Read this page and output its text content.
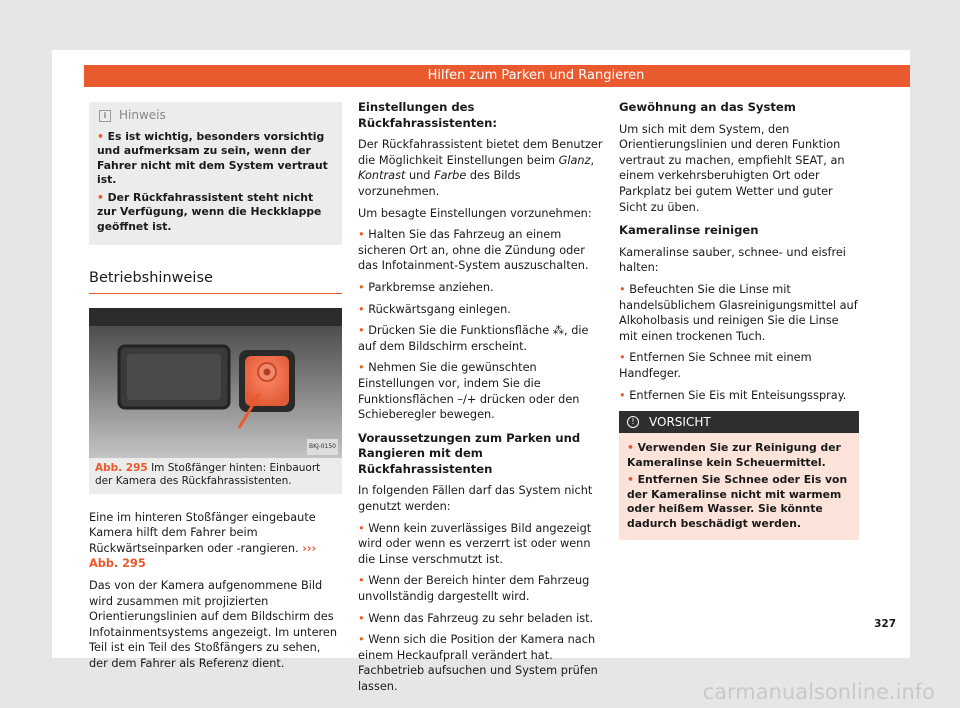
Hilfen zum Parken und Rangieren
i	Hinweis
• Es ist wichtig, besonders vorsichtig und aufmerksam zu sein, wenn der Fahrer nicht mit dem System vertraut ist.
• Der Rückfahrassistent steht nicht zur Verfügung, wenn die Heckklappe geöffnet ist.
Betriebshinweise
BKJ-0150
Abb. 295 Im Stoßfänger hinten: Einbauort der Kamera des Rückfahrassistenten.

Eine im hinteren Stoßfänger eingebaute Kamera hilft dem Fahrer beim Rückwärtseinparken oder -rangieren. ››› Abb. 295

Das von der Kamera aufgenommene Bild wird zusammen mit projizierten Orientierungslinien auf dem Bildschirm des Infotainmentsystems angezeigt. Im unteren Teil ist ein Teil des Stoßfängers zu sehen, der dem Fahrer als Referenz dient.

Einstellungen des Rückfahrassistenten:

Der Rückfahrassistent bietet dem Benutzer die Möglichkeit Einstellungen beim Glanz, Kontrast und Farbe des Bilds vorzunehmen.

Um besagte Einstellungen vorzunehmen:

• Halten Sie das Fahrzeug an einem sicheren Ort an, ohne die Zündung oder das Infotainment-System auszuschalten.

• Parkbremse anziehen.

• Rückwärtsgang einlegen.

• Drücken Sie die Funktionsfläche ⁂, die auf dem Bildschirm erscheint.

• Nehmen Sie die gewünschten Einstellungen vor, indem Sie die Funktionsflächen –/+ drücken oder den Schieberegler bewegen.

Voraussetzungen zum Parken und Rangieren mit dem Rückfahrassistenten

In folgenden Fällen darf das System nicht genutzt werden:

• Wenn kein zuverlässiges Bild angezeigt wird oder wenn es verzerrt ist oder wenn die Linse verschmutzt ist.

• Wenn der Bereich hinter dem Fahrzeug unvollständig dargestellt wird.

• Wenn das Fahrzeug zu sehr beladen ist.

• Wenn sich die Position der Kamera nach einem Heckaufprall verändert hat. Fachbetrieb aufsuchen und System prüfen lassen.

Gewöhnung an das System

Um sich mit dem System, den Orientierungslinien und deren Funktion vertraut zu machen, empfiehlt SEAT, an einem verkehrsberuhigten Ort oder Parkplatz bei gutem Wetter und guter Sicht zu üben.

Kameralinse reinigen

Kameralinse sauber, schnee- und eisfrei halten:

• Befeuchten Sie die Linse mit handelsüblichem Glasreinigungsmittel auf Alkoholbasis und reinigen Sie die Linse mit einen trockenen Tuch.

• Entfernen Sie Schnee mit einem Handfeger.

• Entfernen Sie Eis mit Enteisungsspray.

!	VORSICHT
• Verwenden Sie zur Reinigung der Kameralinse kein Scheuermittel.
• Entfernen Sie Schnee oder Eis von der Kameralinse nicht mit warmem oder heißem Wasser. Sie könnte dadurch beschädigt werden.
327
carmanualsonline.info
